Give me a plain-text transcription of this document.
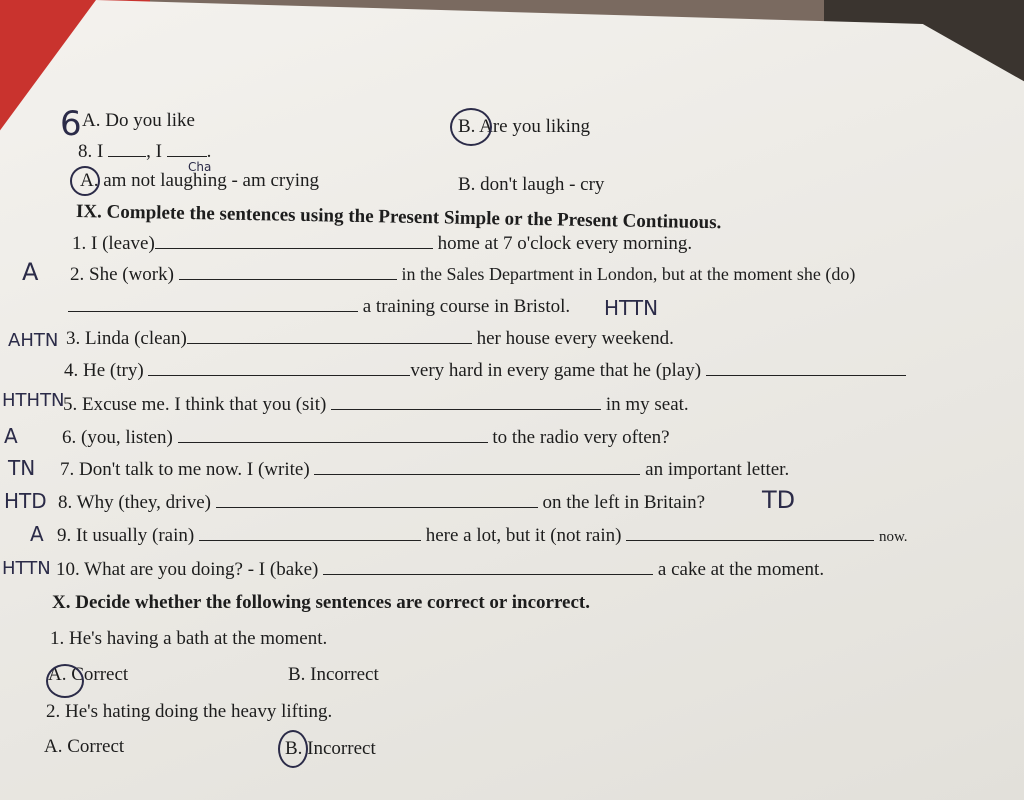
A. Do you like	B. Are you liking
8. I , I .
A. am not laughing - am crying	B. don't laugh - cry
IX. Complete the sentences using the Present Simple or the Present Continuous.
1. I (leave)	home at 7 o'clock every morning.
2. She (work)	in the Sales Department in London, but at the moment she (do)
a training course in Bristol.
3. Linda (clean)	her house every weekend.
4. He (try)	very hard in every game that he (play)
5. Excuse me. I think that you (sit)	in my seat.
6. (you, listen)	to the radio very often?
7. Don't talk to me now. I (write)	an important letter.
8. Why (they, drive)	on the left in Britain?
9. It usually (rain)	here a lot, but it (not rain)	now.
10. What are you doing? - I (bake)	a cake at the moment.
X. Decide whether the following sentences are correct or incorrect.
1. He's having a bath at the moment.
A. Correct	B. Incorrect
2. He's hating doing the heavy lifting.
A. Correct	B. Incorrect
6
A
HTTN
AHTN
HTHTN
A
TN
HTD	TD
A
HTTN
Cha
